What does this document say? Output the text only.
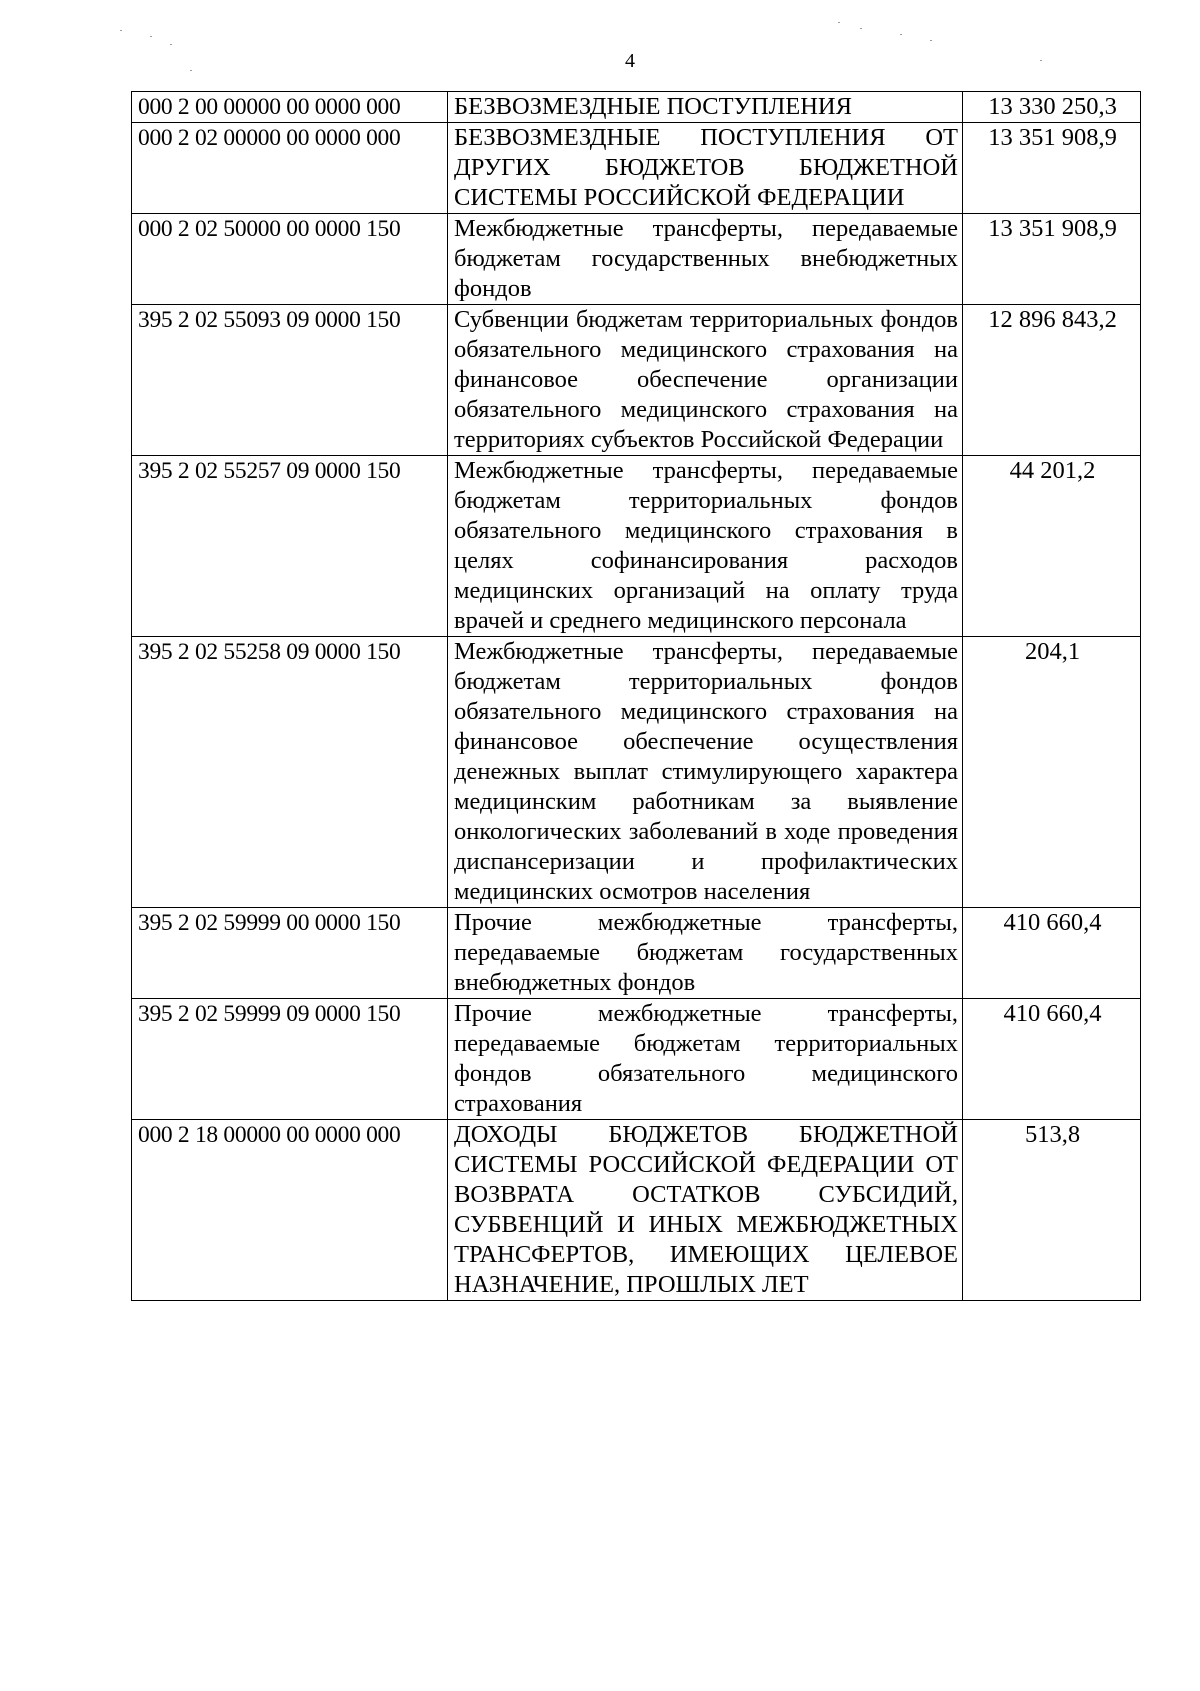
4
000 2 00 00000 00 0000 000	БЕЗВОЗМЕЗДНЫЕ ПОСТУПЛЕНИЯ	13 330 250,3
000 2 02 00000 00 0000 000	БЕЗВОЗМЕЗДНЫЕ ПОСТУПЛЕНИЯ ОТ ДРУГИХ БЮДЖЕТОВ БЮДЖЕТНОЙ СИСТЕМЫ РОССИЙСКОЙ ФЕДЕРАЦИИ	13 351 908,9
000 2 02 50000 00 0000 150	Межбюджетные трансферты, передаваемые бюджетам государственных внебюджетных фондов	13 351 908,9
395 2 02 55093 09 0000 150	Субвенции бюджетам территориальных фондов обязательного медицинского страхования на финансовое обеспечение организации обязательного медицинского страхования на территориях субъектов Российской Федерации	12 896 843,2
395 2 02 55257 09 0000 150	Межбюджетные трансферты, передаваемые бюджетам территориальных фондов обязательного медицинского страхования в целях софинансирования расходов медицинских организаций на оплату труда врачей и среднего медицинского персонала	44 201,2
395 2 02 55258 09 0000 150	Межбюджетные трансферты, передаваемые бюджетам территориальных фондов обязательного медицинского страхования на финансовое обеспечение осуществления денежных выплат стимулирующего характера медицинским работникам за выявление онкологических заболеваний в ходе проведения диспансеризации и профилактических медицинских осмотров населения	204,1
395 2 02 59999 00 0000 150	Прочие межбюджетные трансферты, передаваемые бюджетам государственных внебюджетных фондов	410 660,4
395 2 02 59999 09 0000 150	Прочие межбюджетные трансферты, передаваемые бюджетам территориальных фондов обязательного медицинского страхования	410 660,4
000 2 18 00000 00 0000 000	ДОХОДЫ БЮДЖЕТОВ БЮДЖЕТНОЙ СИСТЕМЫ РОССИЙСКОЙ ФЕДЕРАЦИИ ОТ ВОЗВРАТА ОСТАТКОВ СУБСИДИЙ, СУБВЕНЦИЙ И ИНЫХ МЕЖБЮДЖЕТНЫХ ТРАНСФЕРТОВ, ИМЕЮЩИХ ЦЕЛЕВОЕ НАЗНАЧЕНИЕ, ПРОШЛЫХ ЛЕТ	513,8
